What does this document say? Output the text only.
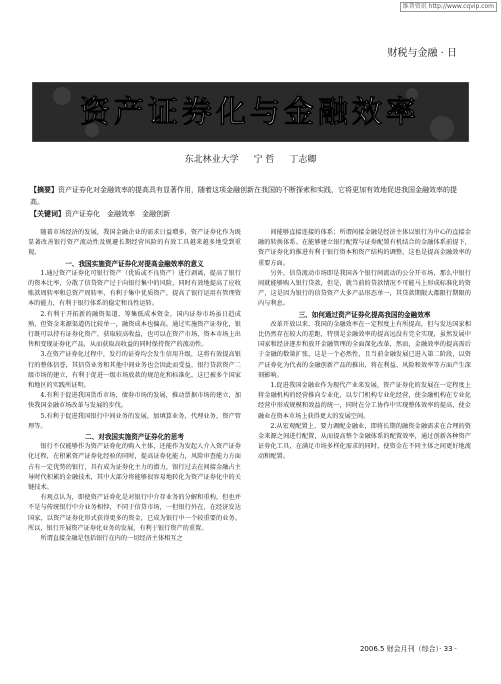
维普资讯 http://www.cqvip.com
财税与金融 · 日
资产证券化与金融效率
东北林业大学 宁 哲 丁志卿
【摘要】资产证券化对金融效率的提高具有显著作用，随着这项金融创新在我国的不断探索和实践，它将更加有效地促进我国金融效率的提高。
【关键词】资产证券化　金融效率　金融创新

随着市场经济的发展，我国金融企业的需求日益增多，资产证券化作为既显著改善银行资产流动性及规避长期经营风险的有效工具越来越多地受到重视。

一、我国实施资产证券化对提高金融效率的意义

1.通过资产证券化可银行资产（优质或不良资产）进行剥离，提高了银行的资本比率，分散了信贷资产过于向银行集中的风险，同时有效地提高了应收账款周转率和总资产周转率，有利于集中优质资产，提高了银行运用有管理资本的能力，有利于银行体系的稳定和良性运转。

2.有利于开拓新的融资渠道，筹集低成本资金，国内证券市场虽日趋成熟，但资金来源渠道仍比较单一，融资成本也偏高。通过实施资产证券化，银行既可以持有证券化资产，获取较高收益，也可以在资产市场，资本市场上出售和变现证券化产品，从而获取高收益的同时保持资产的流动性。

3.在资产证券化过程中，发行的证券均会发生信用升级，这将有效提高银行的整体信誉，其信贷业务和其他中间业务也会因此而受益，银行贷款资产二级市场的建立，有利于促进一级市场放款的规范化和标准化，这已被多个国家和地区的实践所证明。

4.有利于促进我国货币市场，债券市场的发展，推动票据市场的建立，加快我国金融市场改革与发展的步伐。

5.有利于促进我国银行中间业务的发展，加填算业务，代理业务，资产管理等。

二、对我国实施资产证券化的思考

银行不仅能够作为资产证券化的购入主体，还能作为发起人介入资产证券化过程，在积累资产证券化经验的同时，提高证券化能力，风险审查能力方面占有一定优势的银行，具有成为证券化主力的潜力，银行过去在间接金融占主导时代积累的金融技术，其中大部分将能够很容易地转化为资产证券化中的关键技术。

有观点认为，即使资产证券化是对银行中介存业务的分解和重构，但也并不是与传统银行中介业务相悖，不同于信贷市场，一但银行外在，在经济发达国家，以资产证券化形式获得更多的资金，已成为银行中一个较重要的业务。所以，银行开展资产证券化业务的发展，有利于银行资产的重置。

所谓直接金融是包括银行在内的一切经济主体相互之

间能够直接连接的体系；所谓间接金融是经济主体以银行为中心的直接金融的转换体系。在能够建立银行配置与证券配置有机结合的金融体系前提下，资产证券化的推进有利于银行资本和资产结构的调整，这也是提高金融效率的重要方面。

另外，信贷流动市场即是我国各个银行间流动的公分开市场，那么中银行间就能够购入银行贷款，但是，就当前的贷款情况不可能马上形成标准化的资产，这是因为银行的信贷资产大多产品形态单一，其贷款期限大都限行期限的内与利息。

三、如何通过资产证券化提高我国的金融效率

改革开放以来，我国的金融效率在一定程度上有所提高，但与发达国家相比仍然存在较大的差距，特别是金融效率的提高远没有完全实现，虽然发展中国家和经济逐步和放开金融管理的全面深化改革，然而，金融效率的提高需后于金融的数量扩张，这是一个必然性，且当前金融发展已进入第二阶段，以资产证券化为代表的金融创新产品的推出，将在利益、风险和效率等方面产生深刻影响。

1.促进我国金融业作为现代产业来发展，资产证券化的发展在一定程度上将金融机构的经营推向专业化，以专门机构专业化经营，使金融机构在专业化经营中形成规模和效益的统一，同时在分工协作中实现整体效率的提高，使金融业在资本市场上获得更大的发展空间。

2.从宏观配置上，要力调配金融业，即将长期的融资金融需求在合理的资金来源之间进行配置，从而提高整个金融体系的配置效率，通过创新各种资产证券化工具，在满足市场多样化需求的同时，使资金在不同主体之间更好地流动和配置。

2006.5 财会月刊（综合）· 33 ·
